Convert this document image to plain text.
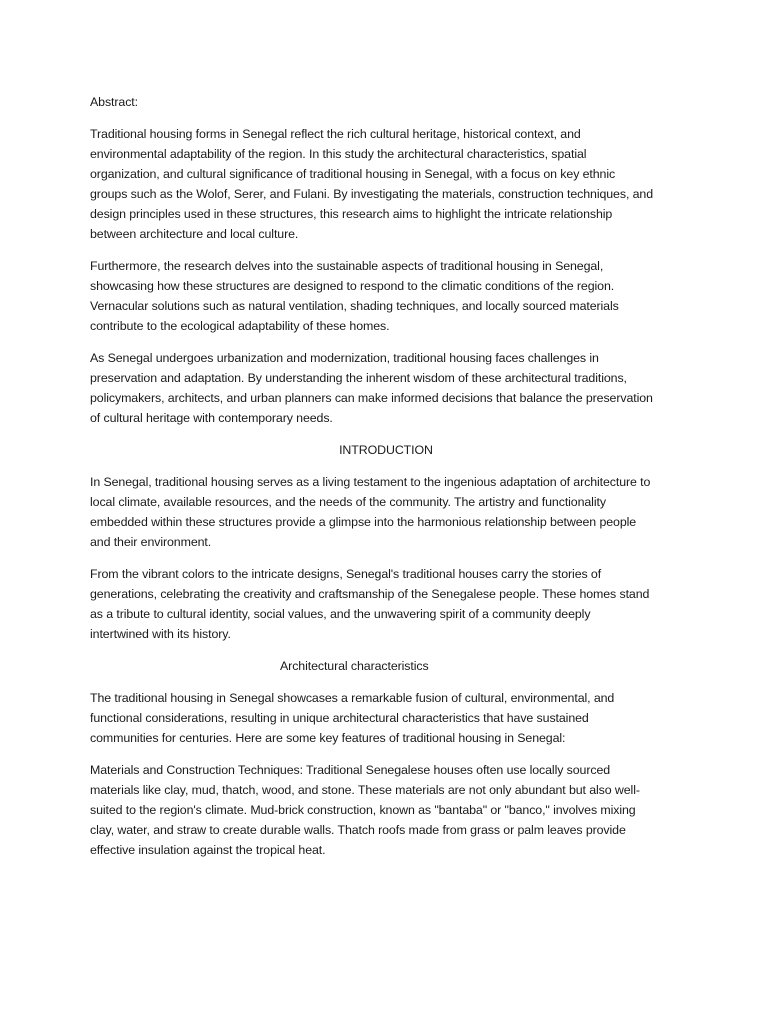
Abstract:

Traditional housing forms in Senegal reflect the rich cultural heritage, historical context, and
environmental adaptability of the region. In this study the architectural characteristics, spatial
organization, and cultural significance of traditional housing in Senegal, with a focus on key ethnic
groups such as the Wolof, Serer, and Fulani. By investigating the materials, construction techniques, and
design principles used in these structures, this research aims to highlight the intricate relationship
between architecture and local culture.

Furthermore, the research delves into the sustainable aspects of traditional housing in Senegal,
showcasing how these structures are designed to respond to the climatic conditions of the region.
Vernacular solutions such as natural ventilation, shading techniques, and locally sourced materials
contribute to the ecological adaptability of these homes.

As Senegal undergoes urbanization and modernization, traditional housing faces challenges in
preservation and adaptation. By understanding the inherent wisdom of these architectural traditions,
policymakers, architects, and urban planners can make informed decisions that balance the preservation
of cultural heritage with contemporary needs.

INTRODUCTION

In Senegal, traditional housing serves as a living testament to the ingenious adaptation of architecture to
local climate, available resources, and the needs of the community. The artistry and functionality
embedded within these structures provide a glimpse into the harmonious relationship between people
and their environment.

From the vibrant colors to the intricate designs, Senegal's traditional houses carry the stories of
generations, celebrating the creativity and craftsmanship of the Senegalese people. These homes stand
as a tribute to cultural identity, social values, and the unwavering spirit of a community deeply
intertwined with its history.

Architectural characteristics

The traditional housing in Senegal showcases a remarkable fusion of cultural, environmental, and
functional considerations, resulting in unique architectural characteristics that have sustained
communities for centuries. Here are some key features of traditional housing in Senegal:

Materials and Construction Techniques: Traditional Senegalese houses often use locally sourced
materials like clay, mud, thatch, wood, and stone. These materials are not only abundant but also well-
suited to the region's climate. Mud-brick construction, known as "bantaba" or "banco," involves mixing
clay, water, and straw to create durable walls. Thatch roofs made from grass or palm leaves provide
effective insulation against the tropical heat.
